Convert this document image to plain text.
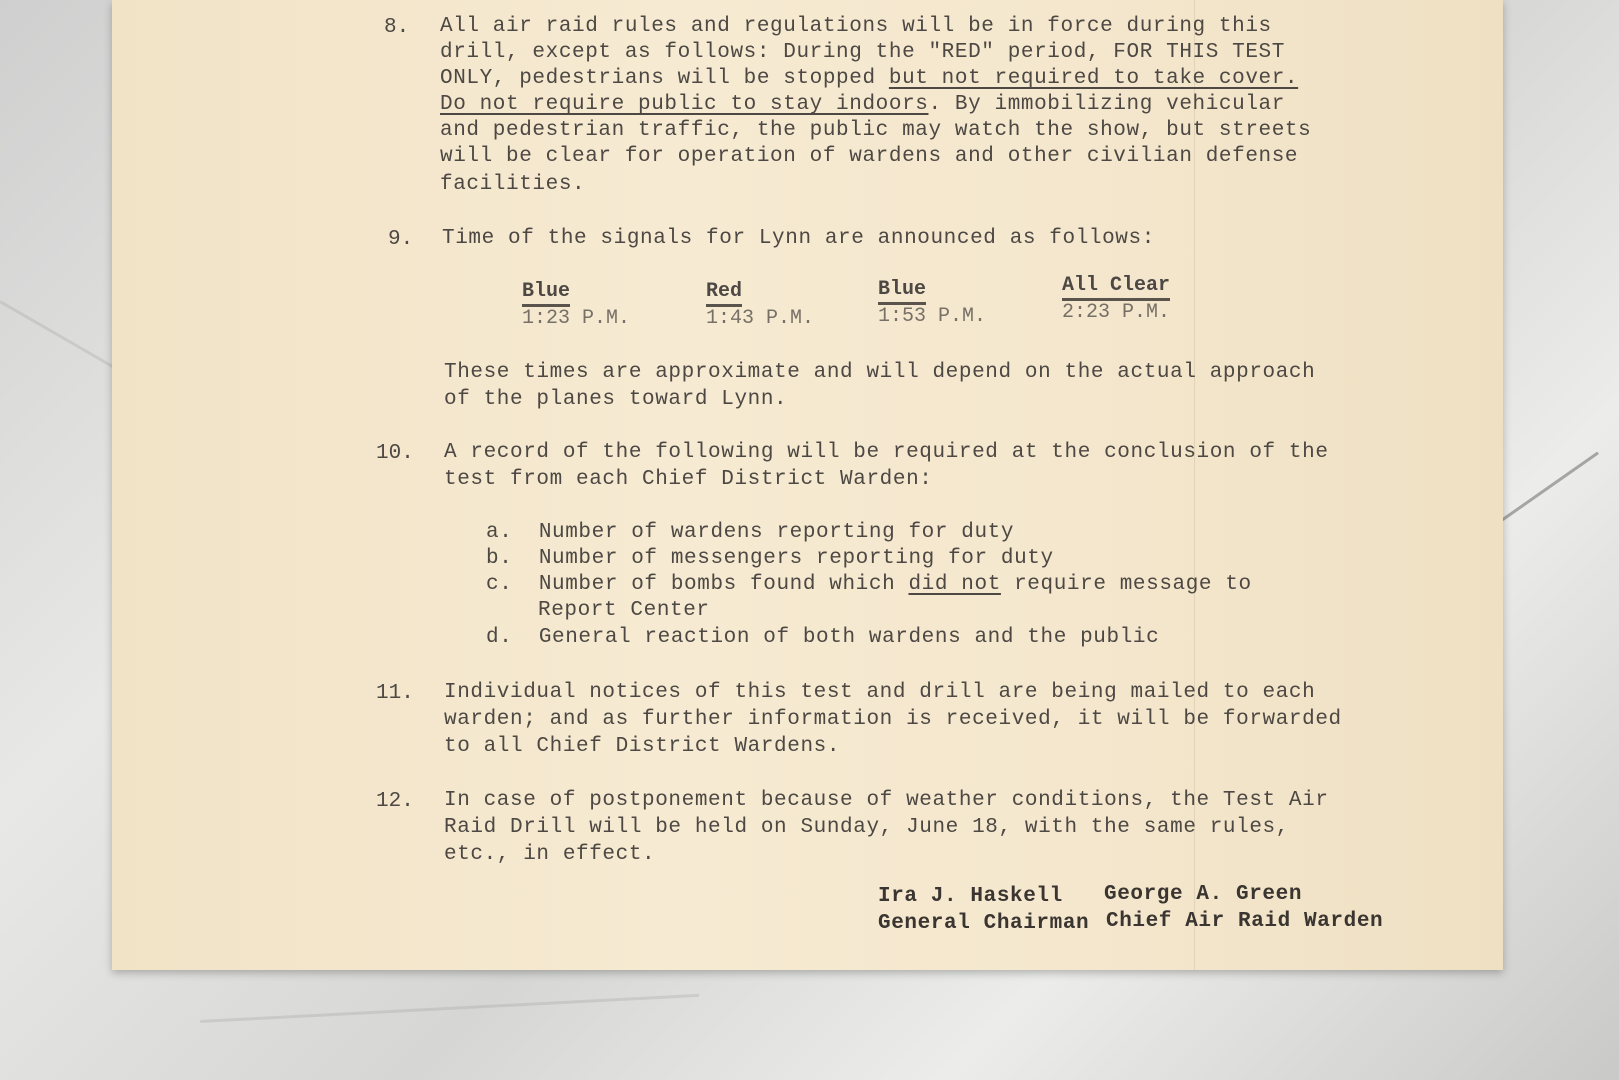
8. All air raid rules and regulations will be in force during this
drill, except as follows: During the "RED" period, FOR THIS TEST
ONLY, pedestrians will be stopped but not required to take cover.
Do not require public to stay indoors. By immobilizing vehicular
and pedestrian traffic, the public may watch the show, but streets
will be clear for operation of wardens and other civilian defense
facilities.
9. Time of the signals for Lynn are announced as follows:
Blue
1:23 P.M.
Red
1:43 P.M.
Blue
1:53 P.M.
All Clear
2:23 P.M.
These times are approximate and will depend on the actual approach
of the planes toward Lynn.
10. A record of the following will be required at the conclusion of the
test from each Chief District Warden:
a. Number of wardens reporting for duty
b. Number of messengers reporting for duty
c. Number of bombs found which did not require message to
Report Center
d. General reaction of both wardens and the public
11. Individual notices of this test and drill are being mailed to each
warden; and as further information is received, it will be forwarded
to all Chief District Wardens.
12. In case of postponement because of weather conditions, the Test Air
Raid Drill will be held on Sunday, June 18, with the same rules,
etc., in effect.
Ira J. Haskell George A. Green
General Chairman Chief Air Raid Warden
